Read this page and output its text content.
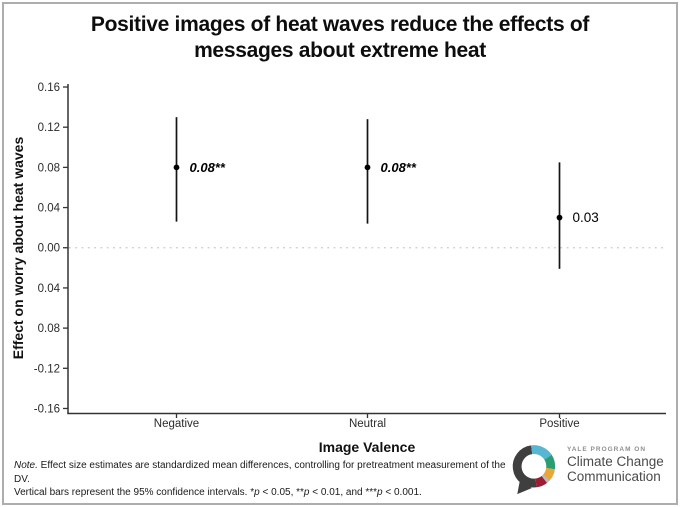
Positive images of heat waves reduce the effects of
messages about extreme heat
0.16
0.12
0.08
0.04
0.00
0.04
0.08
-0.12
-0.16
Negative	Neutral	Positive
0.08**	0.08**
0.03
Effect on worry about heat waves
Image Valence
Note. Effect size estimates are standardized mean differences, controlling for pretreatment measurement of the DV.
Vertical bars represent the 95% confidence intervals. *p < 0.05, **p < 0.01, and ***p < 0.001.
YALE PROGRAM ON
Climate Change
Communication
